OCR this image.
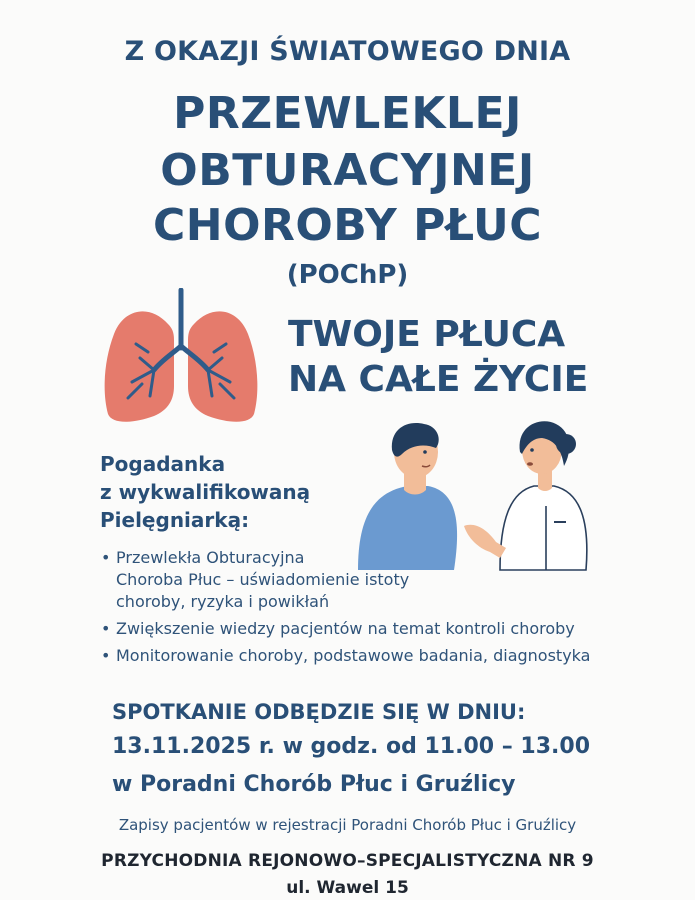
Z OKAZJI ŚWIATOWEGO DNIA
PRZEWLEKLEJ
OBTURACYJNEJ
CHOROBY PŁUC
(POChP)
TWOJE PŁUCA
NA CAŁE ŻYCIE
Pogadanka
z wykwalifikowaną
Pielęgniarką:
• Przewlekła Obturacyjna
Choroba Płuc – uświadomienie istoty
choroby, ryzyka i powikłań
• Zwiększenie wiedzy pacjentów na temat kontroli choroby
• Monitorowanie choroby, podstawowe badania, diagnostyka
SPOTKANIE ODBĘDZIE SIĘ W DNIU:
13.11.2025 r. w godz. od 11.00 – 13.00
w Poradni Chorób Płuc i Gruźlicy
Zapisy pacjentów w rejestracji Poradni Chorób Płuc i Gruźlicy
PRZYCHODNIA REJONOWO–SPECJALISTYCZNA NR 9
ul. Wawel 15
